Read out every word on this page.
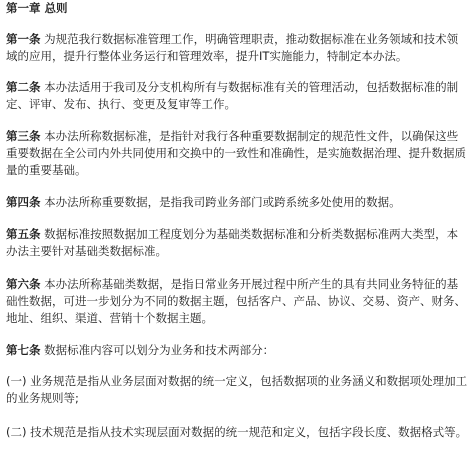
第一章 总则

第一条 为规范我行数据标准管理工作，明确管理职责，推动数据标准在业务领域和技术领域的应用，提升行整体业务运行和管理效率，提升IT实施能力，特制定本办法。

第二条 本办法适用于我司及分支机构所有与数据标准有关的管理活动，包括数据标准的制定、评审、发布、执行、变更及复审等工作。

第三条 本办法所称数据标准，是指针对我行各种重要数据制定的规范性文件，以确保这些重要数据在全公司内外共同使用和交换中的一致性和准确性，是实施数据治理、提升数据质量的重要基础。

第四条 本办法所称重要数据，是指我司跨业务部门或跨系统多处使用的数据。

第五条 数据标准按照数据加工程度划分为基础类数据标准和分析类数据标准两大类型，本办法主要针对基础类数据标准。

第六条 本办法所称基础类数据，是指日常业务开展过程中所产生的具有共同业务特征的基础性数据，可进一步划分为不同的数据主题，包括客户、产品、协议、交易、资产、财务、地址、组织、渠道、营销十个数据主题。

第七条 数据标准内容可以划分为业务和技术两部分：

(一) 业务规范是指从业务层面对数据的统一定义，包括数据项的业务涵义和数据项处理加工的业务规则等;

(二) 技术规范是指从技术实现层面对数据的统一规范和定义，包括字段长度、数据格式等。
